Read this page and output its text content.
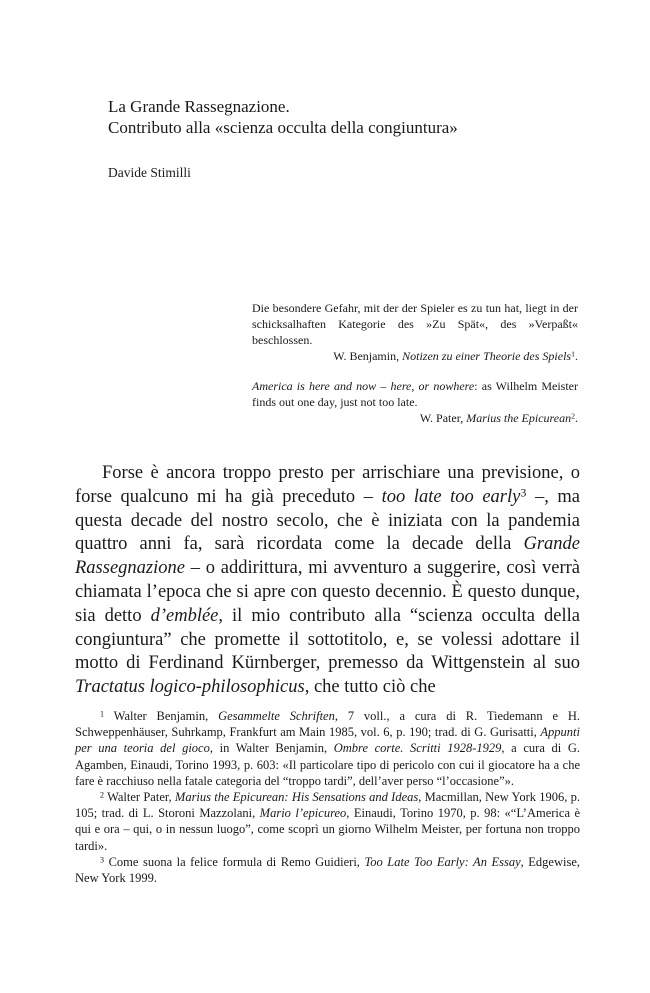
La Grande Rassegnazione.

Contributo alla «scienza occulta della congiuntura»

Davide Stimilli

Die besondere Gefahr, mit der der Spieler es zu tun hat, liegt in der schicksalhaften Kategorie des »Zu Spät«, des »Verpaßt« beschlossen.

W. Benjamin, Notizen zu einer Theorie des Spiels$^1$.

America is here and now – here, or nowhere: as Wilhelm Meister finds out one day, just not too late.

W. Pater, Marius the Epicurean$^2$.

Forse è ancora troppo presto per arrischiare una previsione, o forse qualcuno mi ha già preceduto – too late too early$^3$ –, ma questa decade del nostro secolo, che è iniziata con la pandemia quattro anni fa, sarà ricordata come la decade della Grande Rassegnazione – o addirittura, mi avventuro a suggerire, così verrà chiamata l’epoca che si apre con questo decennio. È questo dunque, sia detto d’emblée, il mio contributo alla “scienza occulta della congiuntura” che promette il sottotitolo, e, se volessi adottare il motto di Ferdinand Kürnberger, premesso da Wittgenstein al suo Tractatus logico-philosophicus, che tutto ciò che

$^1$ Walter Benjamin, Gesammelte Schriften, 7 voll., a cura di R. Tiedemann e H. Schweppenhäuser, Suhrkamp, Frankfurt am Main 1985, vol. 6, p. 190; trad. di G. Gurisatti, Appunti per una teoria del gioco, in Walter Benjamin, Ombre corte. Scritti 1928-1929, a cura di G. Agamben, Einaudi, Torino 1993, p. 603: «Il particolare tipo di pericolo con cui il giocatore ha a che fare è racchiuso nella fatale categoria del “troppo tardi”, dell’aver perso “l’occasione”».

$^2$ Walter Pater, Marius the Epicurean: His Sensations and Ideas, Macmillan, New York 1906, p. 105; trad. di L. Storoni Mazzolani, Mario l’epicureo, Einaudi, Torino 1970, p. 98: «“L’America è qui e ora – qui, o in nessun luogo”, come scoprì un giorno Wilhelm Meister, per fortuna non troppo tardi».

$^3$ Come suona la felice formula di Remo Guidieri, Too Late Too Early: An Essay, Edgewise, New York 1999.
